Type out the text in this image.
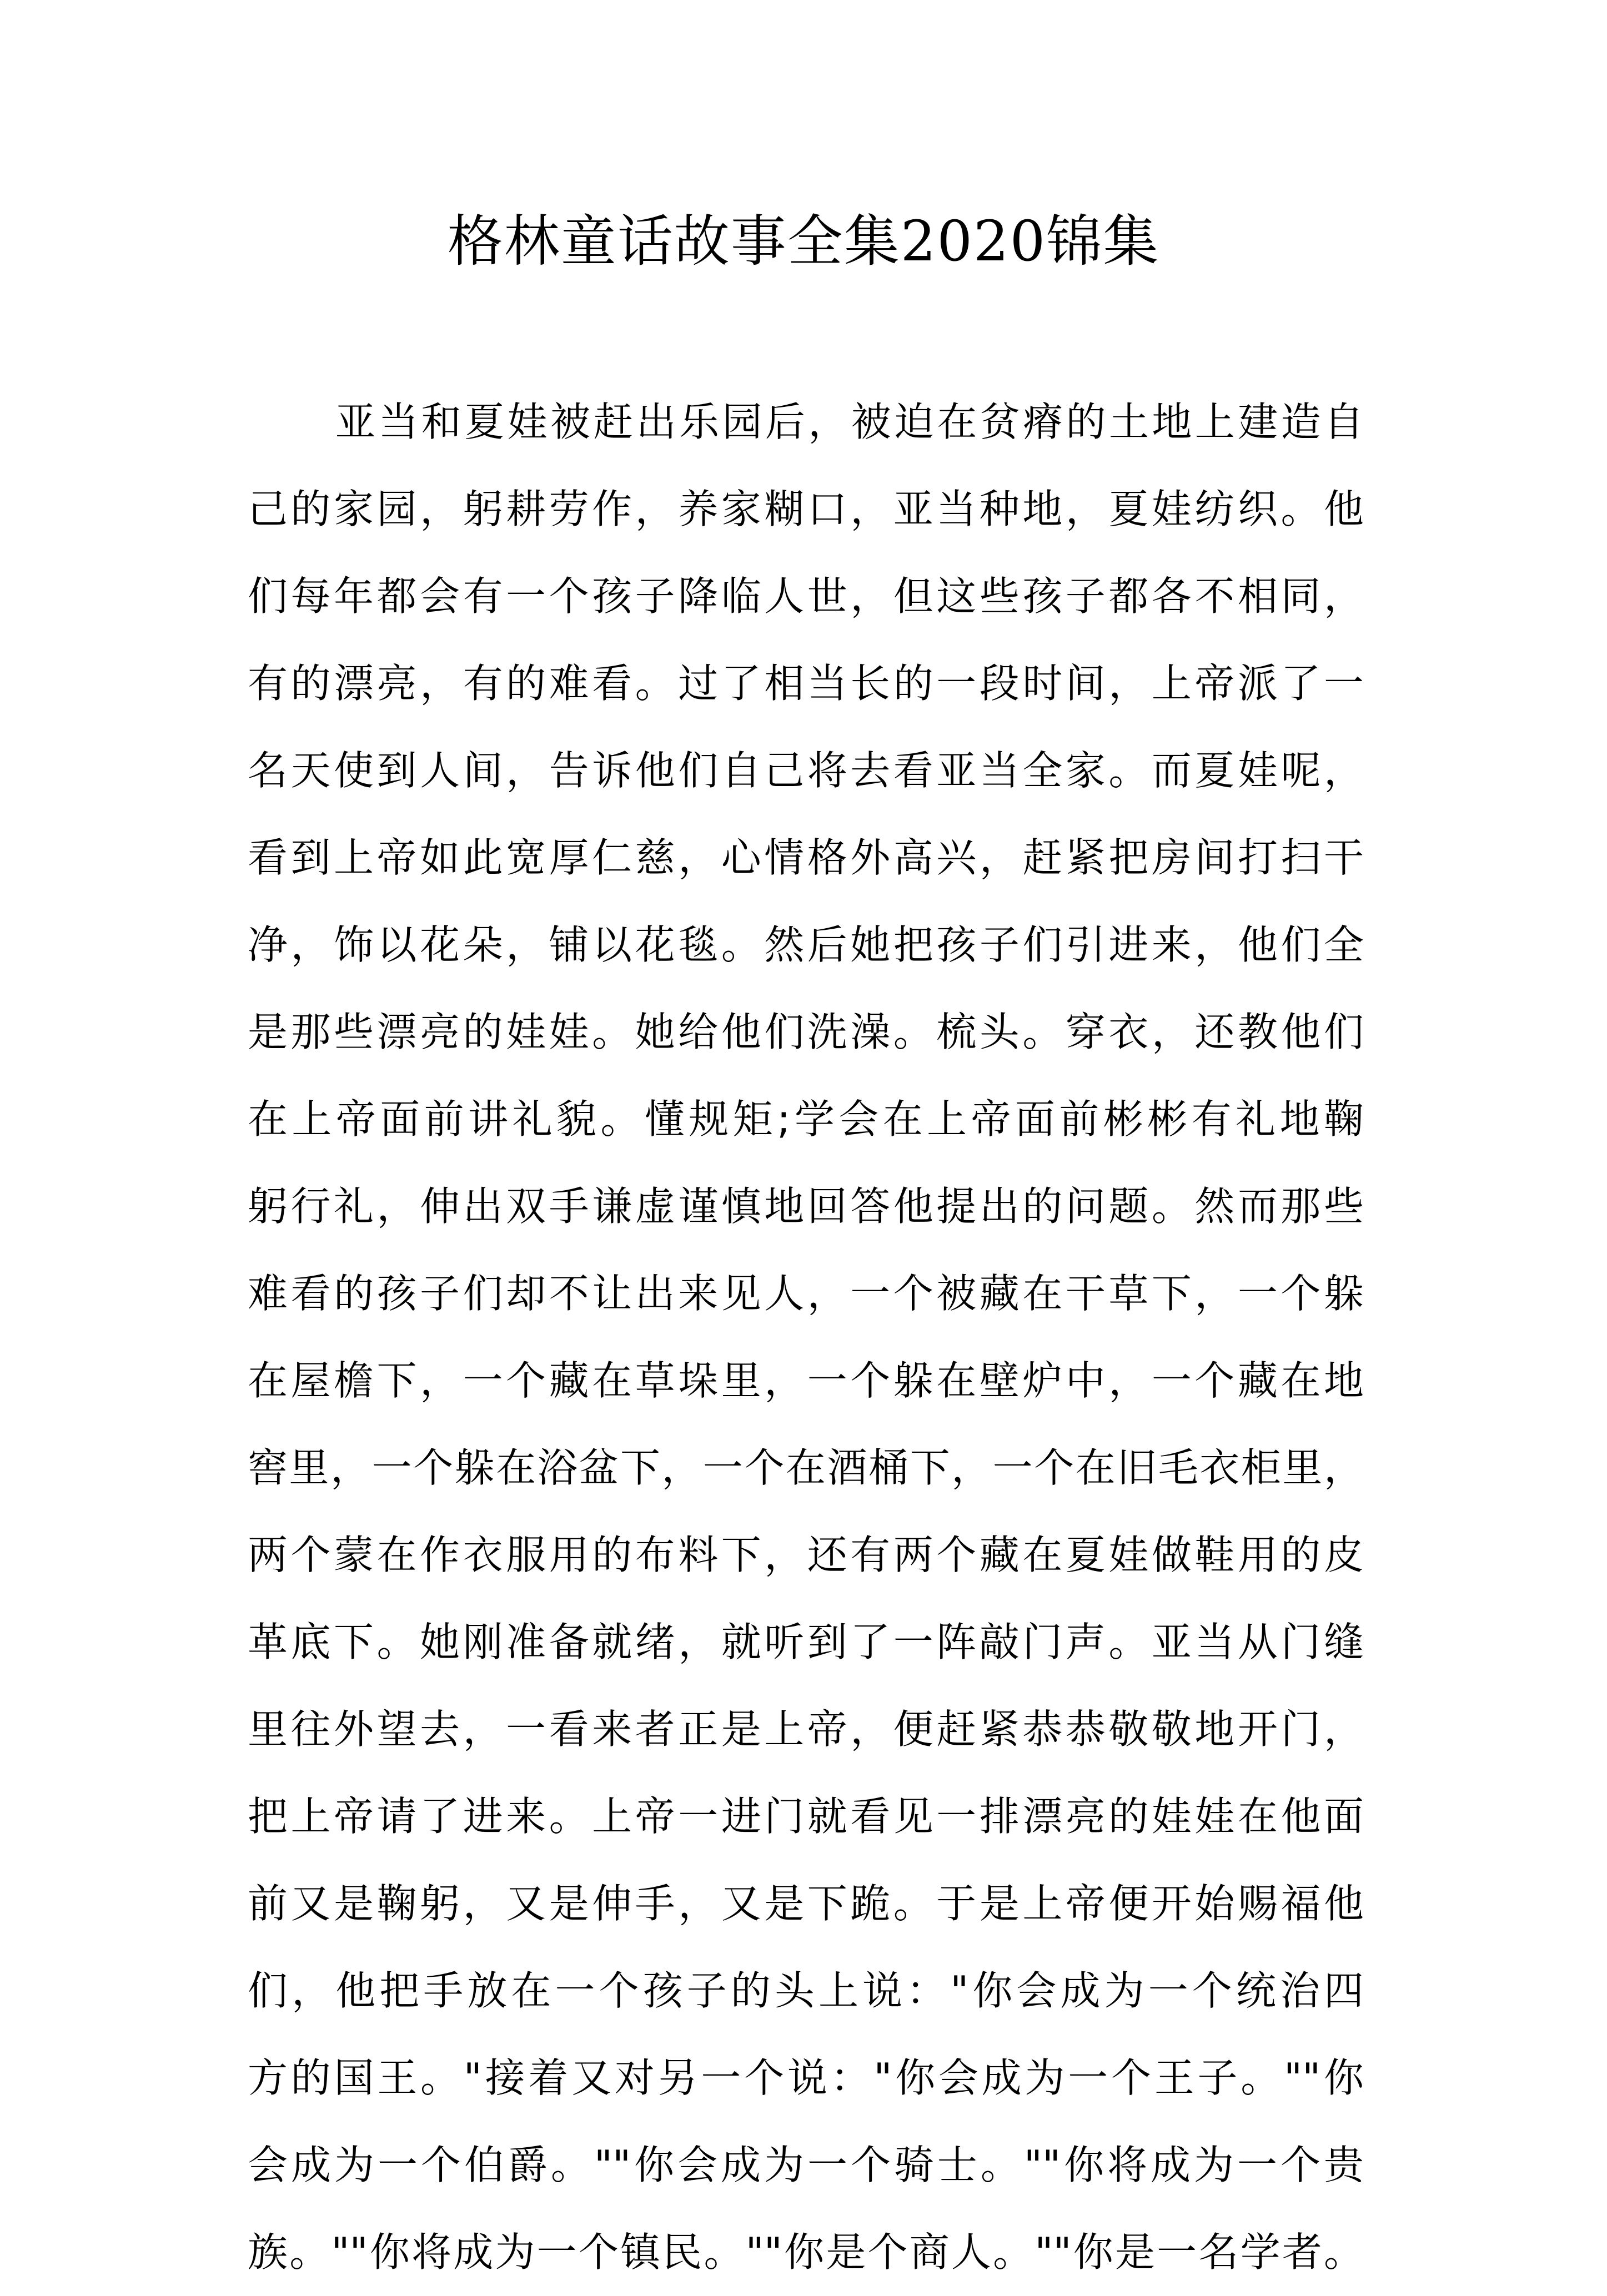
格林童话故事全集2020锦集
亚当和夏娃被赶出乐园后，被迫在贫瘠的土地上建造自
己的家园，躬耕劳作，养家糊口，亚当种地，夏娃纺织。他
们每年都会有一个孩子降临人世，但这些孩子都各不相同，
有的漂亮，有的难看。过了相当长的一段时间，上帝派了一
名天使到人间，告诉他们自己将去看亚当全家。而夏娃呢，
看到上帝如此宽厚仁慈，心情格外高兴，赶紧把房间打扫干
净，饰以花朵，铺以花毯。然后她把孩子们引进来，他们全
是那些漂亮的娃娃。她给他们洗澡。梳头。穿衣，还教他们
在上帝面前讲礼貌。懂规矩;学会在上帝面前彬彬有礼地鞠
躬行礼，伸出双手谦虚谨慎地回答他提出的问题。然而那些
难看的孩子们却不让出来见人，一个被藏在干草下，一个躲
在屋檐下，一个藏在草垛里，一个躲在壁炉中，一个藏在地
窖里，一个躲在浴盆下，一个在酒桶下，一个在旧毛衣柜里，
两个蒙在作衣服用的布料下，还有两个藏在夏娃做鞋用的皮
革底下。她刚准备就绪，就听到了一阵敲门声。亚当从门缝
里往外望去，一看来者正是上帝，便赶紧恭恭敬敬地开门，
把上帝请了进来。上帝一进门就看见一排漂亮的娃娃在他面
前又是鞠躬，又是伸手，又是下跪。于是上帝便开始赐福他
们，他把手放在一个孩子的头上说："你会成为一个统治四
方的国王。"接着又对另一个说："你会成为一个王子。""你
会成为一个伯爵。""你会成为一个骑士。""你将成为一个贵
族。""你将成为一个镇民。""你是个商人。""你是一名学者。
